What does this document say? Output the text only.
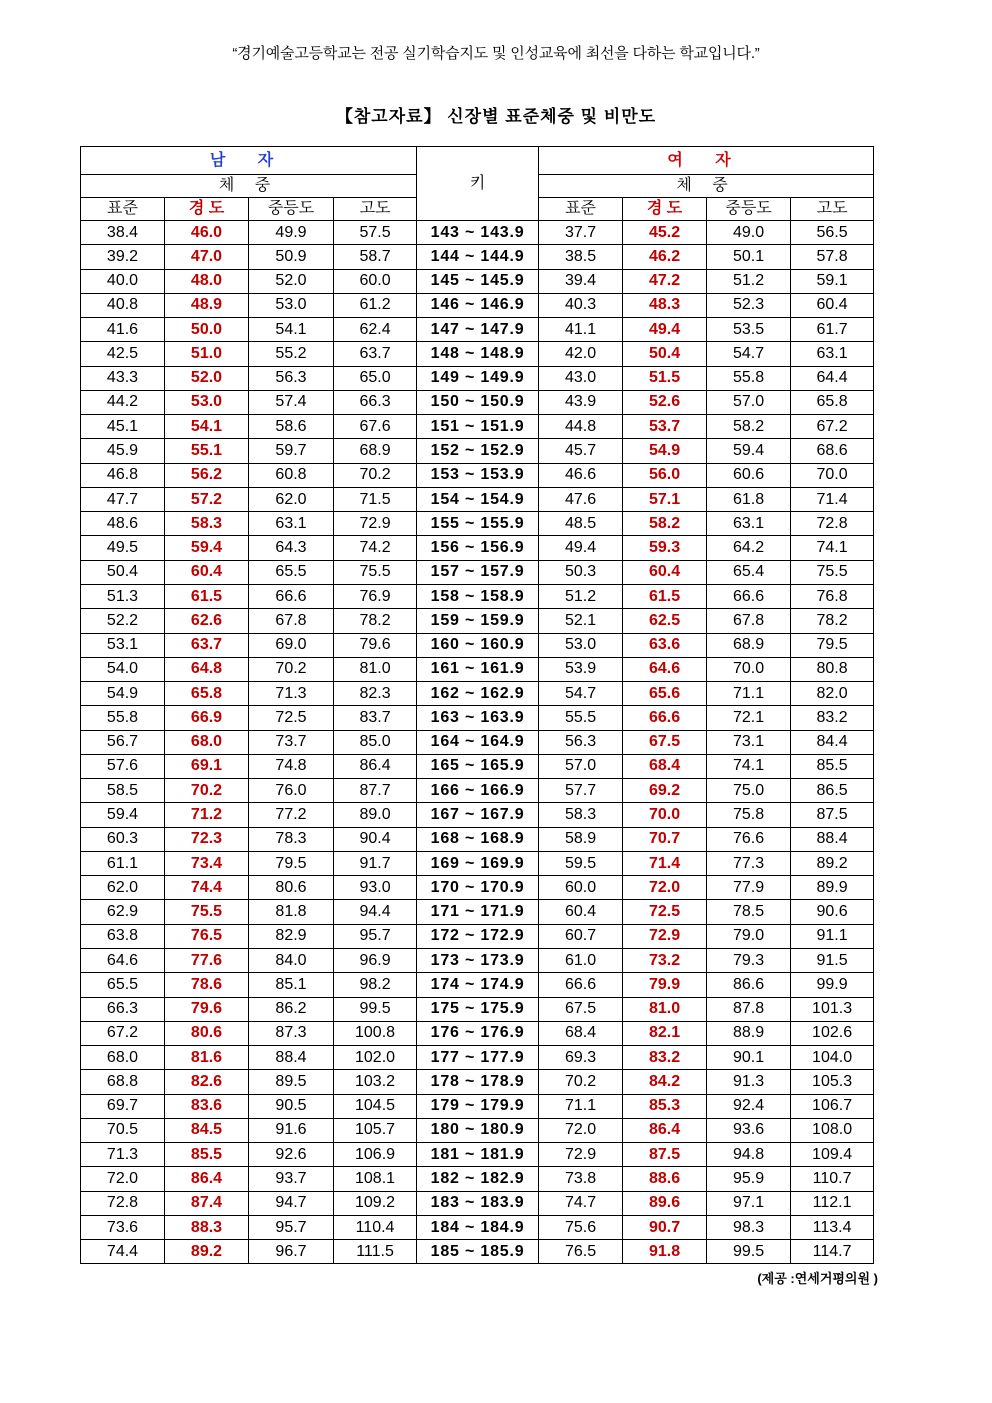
“경기예술고등학교는 전공 실기학습지도 및 인성교육에 최선을 다하는 학교입니다.”
【참고자료】 신장별 표준체중 및 비만도
남 자				키	여 자			
체 중					체 중			
표준	경 도	중등도	고도		표준	경 도	중등도	고도
38.4	46.0	49.9	57.5	143 ~ 143.9	37.7	45.2	49.0	56.5
39.2	47.0	50.9	58.7	144 ~ 144.9	38.5	46.2	50.1	57.8
40.0	48.0	52.0	60.0	145 ~ 145.9	39.4	47.2	51.2	59.1
40.8	48.9	53.0	61.2	146 ~ 146.9	40.3	48.3	52.3	60.4
41.6	50.0	54.1	62.4	147 ~ 147.9	41.1	49.4	53.5	61.7
42.5	51.0	55.2	63.7	148 ~ 148.9	42.0	50.4	54.7	63.1
43.3	52.0	56.3	65.0	149 ~ 149.9	43.0	51.5	55.8	64.4
44.2	53.0	57.4	66.3	150 ~ 150.9	43.9	52.6	57.0	65.8
45.1	54.1	58.6	67.6	151 ~ 151.9	44.8	53.7	58.2	67.2
45.9	55.1	59.7	68.9	152 ~ 152.9	45.7	54.9	59.4	68.6
46.8	56.2	60.8	70.2	153 ~ 153.9	46.6	56.0	60.6	70.0
47.7	57.2	62.0	71.5	154 ~ 154.9	47.6	57.1	61.8	71.4
48.6	58.3	63.1	72.9	155 ~ 155.9	48.5	58.2	63.1	72.8
49.5	59.4	64.3	74.2	156 ~ 156.9	49.4	59.3	64.2	74.1
50.4	60.4	65.5	75.5	157 ~ 157.9	50.3	60.4	65.4	75.5
51.3	61.5	66.6	76.9	158 ~ 158.9	51.2	61.5	66.6	76.8
52.2	62.6	67.8	78.2	159 ~ 159.9	52.1	62.5	67.8	78.2
53.1	63.7	69.0	79.6	160 ~ 160.9	53.0	63.6	68.9	79.5
54.0	64.8	70.2	81.0	161 ~ 161.9	53.9	64.6	70.0	80.8
54.9	65.8	71.3	82.3	162 ~ 162.9	54.7	65.6	71.1	82.0
55.8	66.9	72.5	83.7	163 ~ 163.9	55.5	66.6	72.1	83.2
56.7	68.0	73.7	85.0	164 ~ 164.9	56.3	67.5	73.1	84.4
57.6	69.1	74.8	86.4	165 ~ 165.9	57.0	68.4	74.1	85.5
58.5	70.2	76.0	87.7	166 ~ 166.9	57.7	69.2	75.0	86.5
59.4	71.2	77.2	89.0	167 ~ 167.9	58.3	70.0	75.8	87.5
60.3	72.3	78.3	90.4	168 ~ 168.9	58.9	70.7	76.6	88.4
61.1	73.4	79.5	91.7	169 ~ 169.9	59.5	71.4	77.3	89.2
62.0	74.4	80.6	93.0	170 ~ 170.9	60.0	72.0	77.9	89.9
62.9	75.5	81.8	94.4	171 ~ 171.9	60.4	72.5	78.5	90.6
63.8	76.5	82.9	95.7	172 ~ 172.9	60.7	72.9	79.0	91.1
64.6	77.6	84.0	96.9	173 ~ 173.9	61.0	73.2	79.3	91.5
65.5	78.6	85.1	98.2	174 ~ 174.9	66.6	79.9	86.6	99.9
66.3	79.6	86.2	99.5	175 ~ 175.9	67.5	81.0	87.8	101.3
67.2	80.6	87.3	100.8	176 ~ 176.9	68.4	82.1	88.9	102.6
68.0	81.6	88.4	102.0	177 ~ 177.9	69.3	83.2	90.1	104.0
68.8	82.6	89.5	103.2	178 ~ 178.9	70.2	84.2	91.3	105.3
69.7	83.6	90.5	104.5	179 ~ 179.9	71.1	85.3	92.4	106.7
70.5	84.5	91.6	105.7	180 ~ 180.9	72.0	86.4	93.6	108.0
71.3	85.5	92.6	106.9	181 ~ 181.9	72.9	87.5	94.8	109.4
72.0	86.4	93.7	108.1	182 ~ 182.9	73.8	88.6	95.9	110.7
72.8	87.4	94.7	109.2	183 ~ 183.9	74.7	89.6	97.1	112.1
73.6	88.3	95.7	110.4	184 ~ 184.9	75.6	90.7	98.3	113.4
74.4	89.2	96.7	111.5	185 ~ 185.9	76.5	91.8	99.5	114.7
(제공 :연세거평의원 )
